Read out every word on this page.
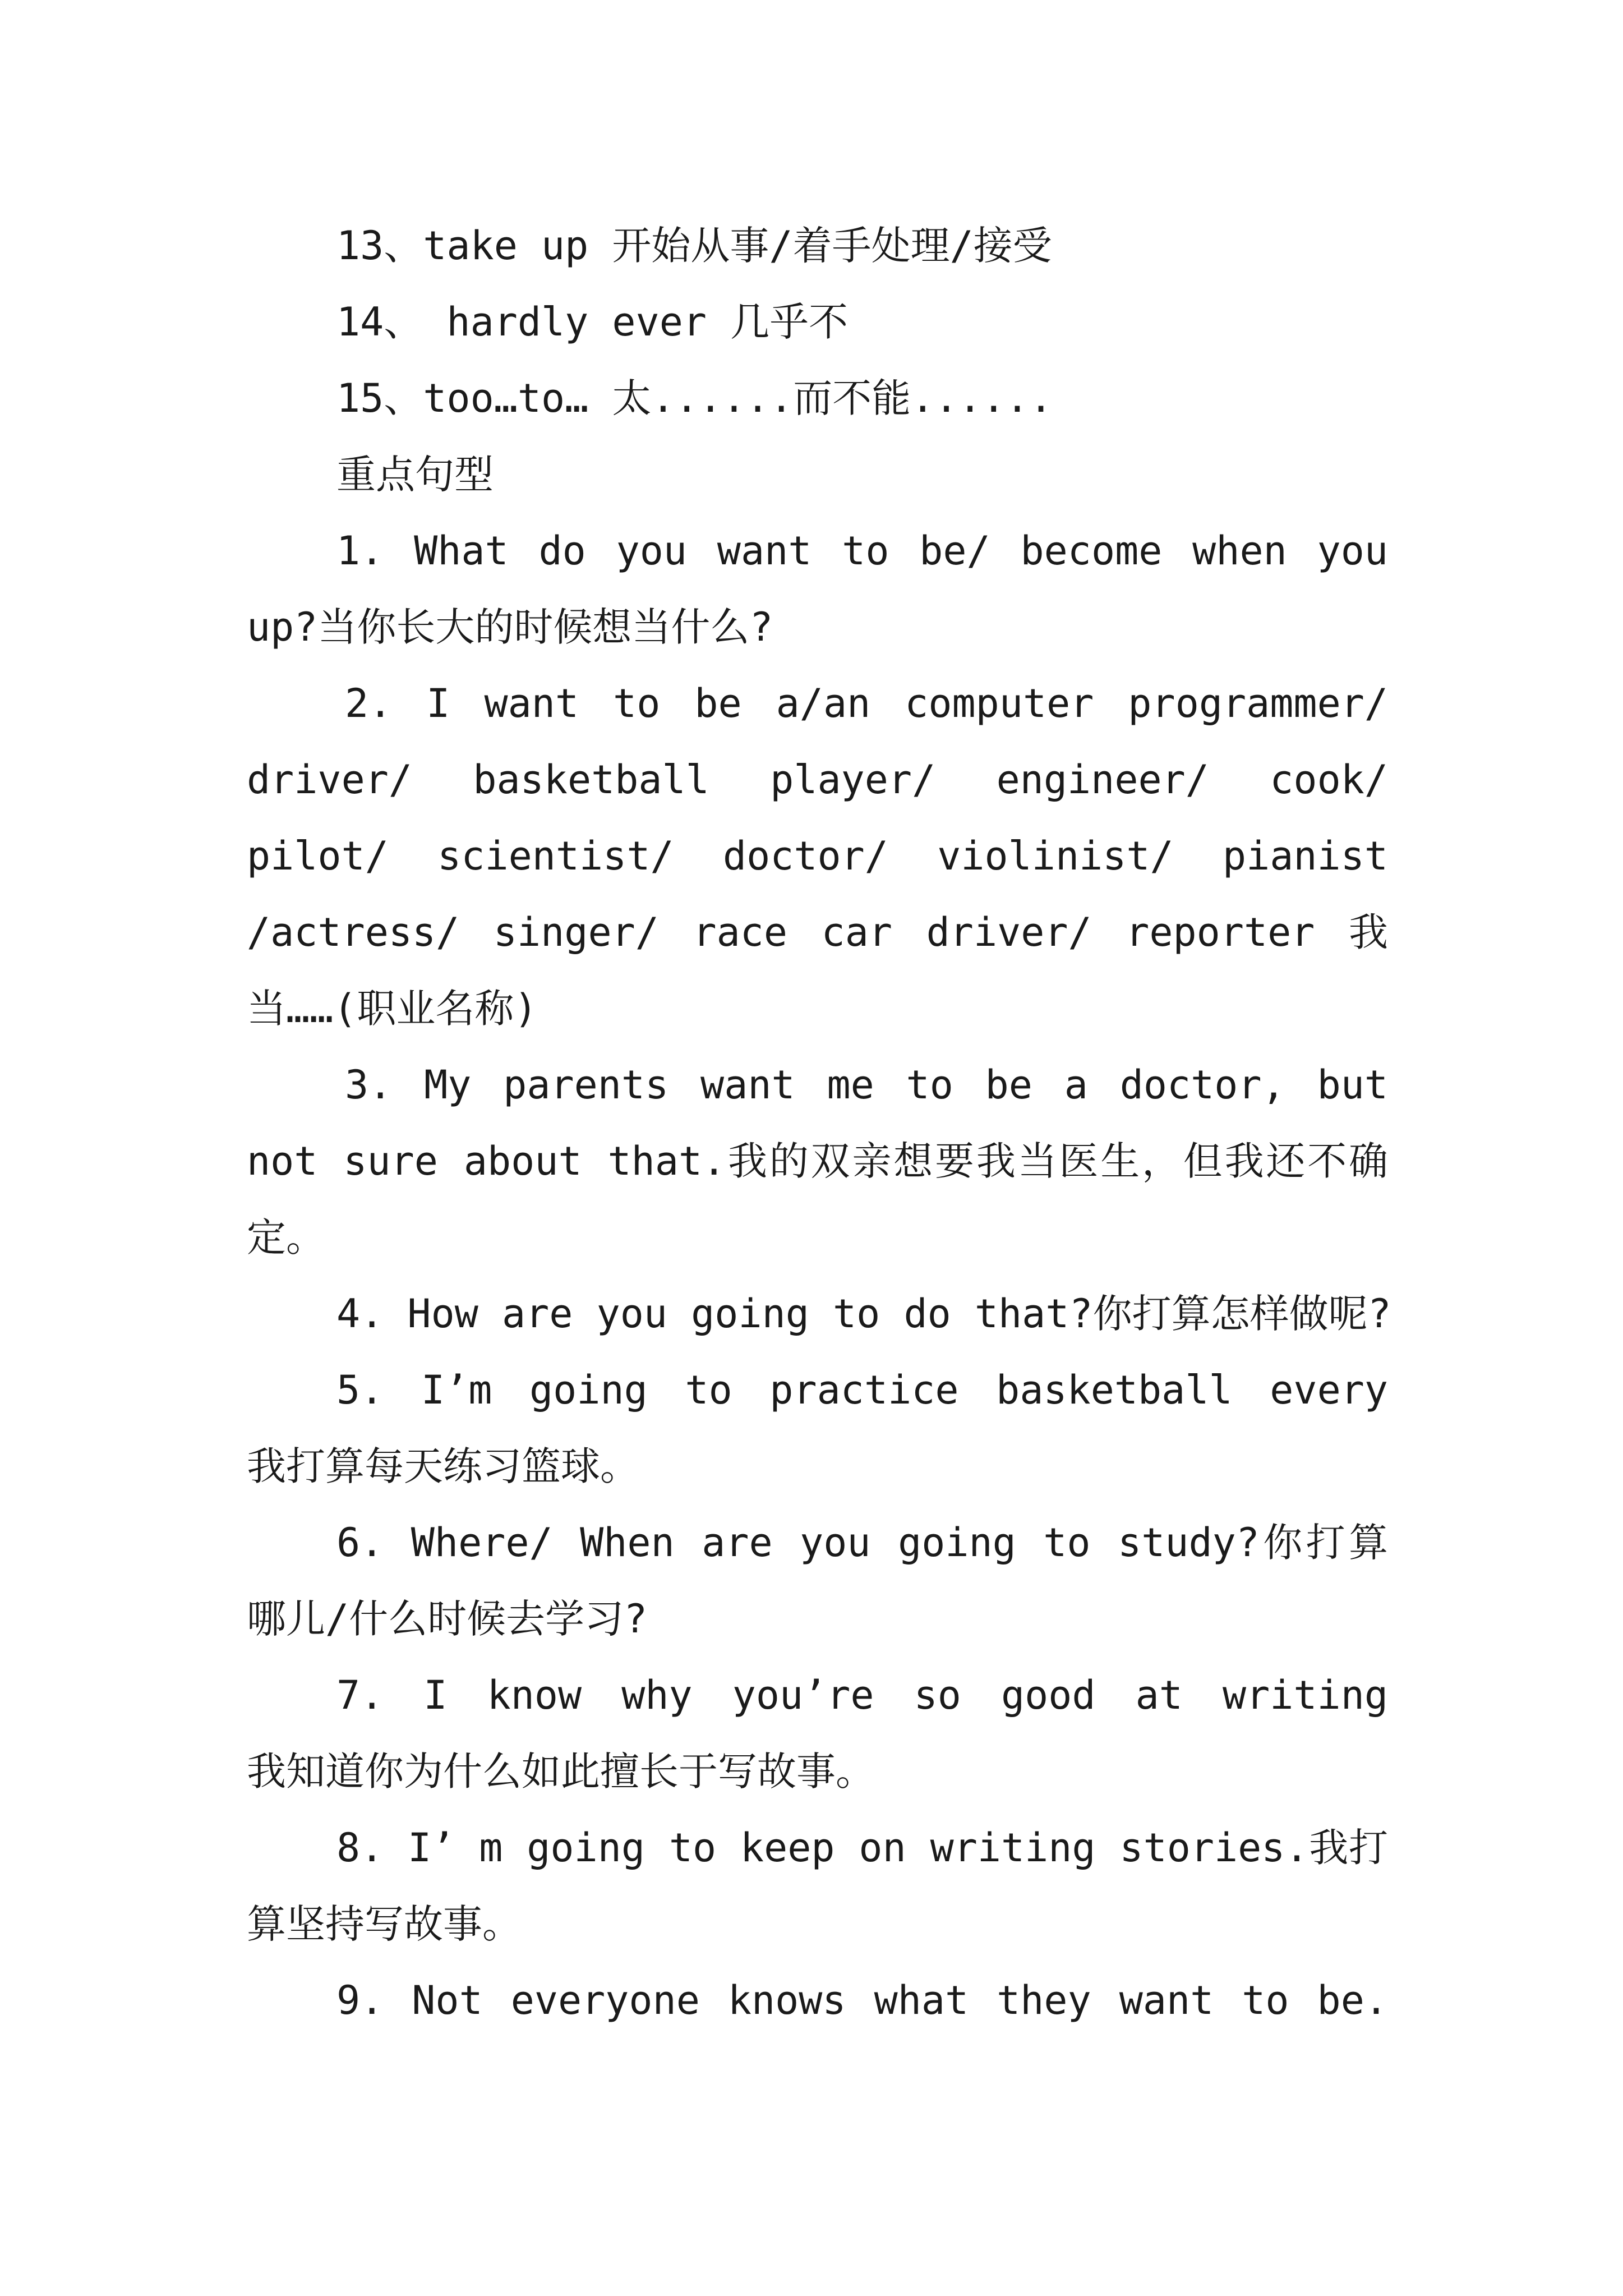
13、take up 开始从事/着手处理/接受
14、 hardly ever 几乎不
15、too…to… 太......而不能......
重点句型
1. What do you want to be/ become when you
up?当你长大的时候想当什么?
2. I want to be a/an computer programmer/
driver/ basketball player/ engineer/ cook/
pilot/ scientist/ doctor/ violinist/ pianist
/actress/ singer/ race car driver/ reporter 我
当……(职业名称)
3. My parents want me to be a doctor, but
not sure about that.我的双亲想要我当医生，但我还不确
定。
4. How are you going to do that?你打算怎样做呢?
5. I’m going to practice basketball every
我打算每天练习篮球。
6. Where/ When are you going to study?你打算
哪儿/什么时候去学习?
7. I know why you’re so good at writing
我知道你为什么如此擅长于写故事。
8. I’ m going to keep on writing stories.我打
算坚持写故事。
9. Not everyone knows what they want to be.
